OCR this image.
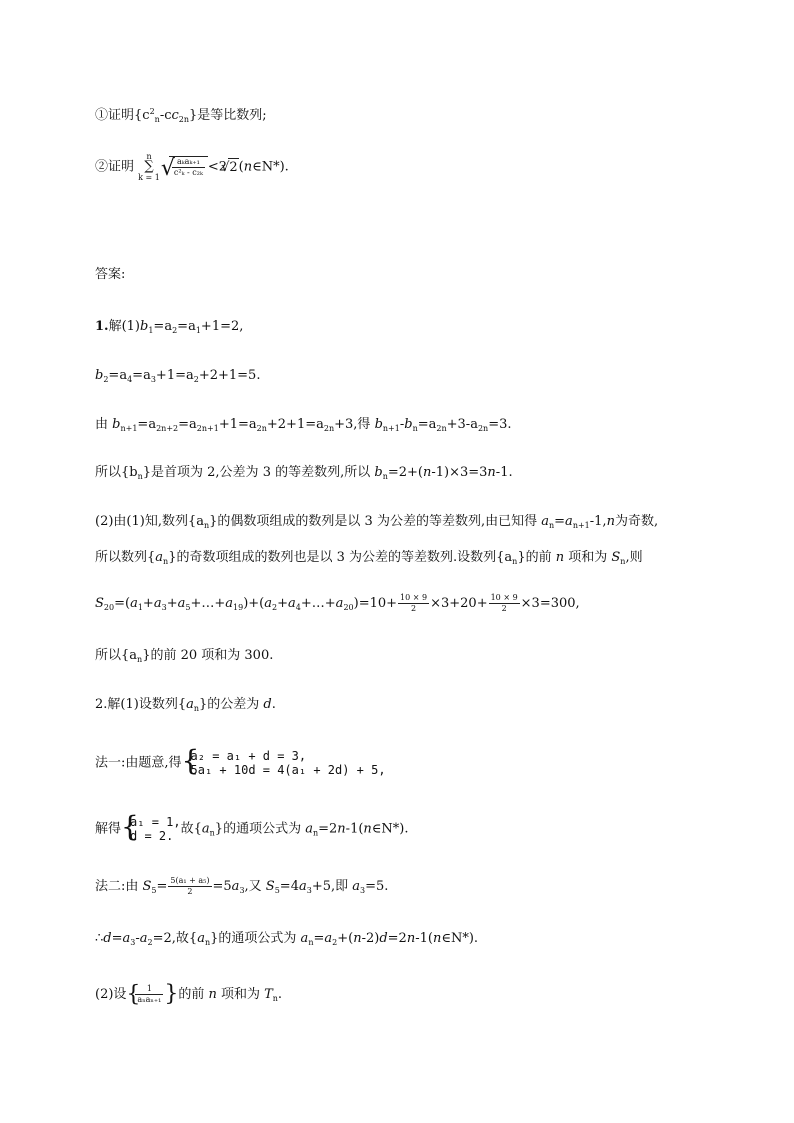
①证明$\{c^2_n-cc_{2n}\}$是等比数列;
②证明 n
∑
k = 1 √
$\frac{\text{aₖaₖ₊₁}}{\text{c²ₖ - c₂ₖ}} <2√$ 2(n∈N*).
答案:
1.解$(1)b_1=a_2=a_1+1=2$,
$b_2=a_4=a_3+1=a_2+2+1=5$.
由 $b_{n+1}=a_{2n+2}=a_{2n+1}+1=a_{2n}+2+1=a_{2n}+3$,得 $b_{n+1}-b_n=a_{2n}+3-a_{2n}=3$.
所以$\{b_n\}$是首项为 2,公差为 3 的等差数列,所以 $b_n=2+(n-1)\times 3=3n-1$.
(2)由(1)知,数列$\{a_n\}$的偶数项组成的数列是以 3 为公差的等差数列,由已知得 $a_n=a_{n+1}-1,n$为奇数,
所以数列$\{a_n\}$的奇数项组成的数列也是以 3 为公差的等差数列.设数列$\{a_n\}$的前 n 项和为 $S_n$,则
$S_{20}=(a_1+a_3+a_5+\dots+a_{19})+(a_2+a_4+\dots+a_{20})=10+ \frac{10 \times 9}{2} \times 3+20+ \frac{10 \times 9}{2} \times 3=300$,
所以$\{a_n\}$的前 20 项和为 300.
2.解(1)设数列$\{a_n\}$的公差为 d.
法一:由题意,得 {
a₂ = a₁ + d = 3,
5a₁ + 10d = 4(a₁ + 2d) + 5,
解得 {
a₁ = 1,
d = 2. 故$\{a_n\}$的通项公式为 $a_n=2n-1(n\in N*)$.
法二:由 $S_5= \frac{\text{5(a₁ + a₅)}}{2} =5a_3$,又 $S_5=4a_3+5$,即 $a_3=5$.
$\therefore d=a_3-a_2=2$,故$\{a_n\}$的通项公式为 $a_n=a_2+(n-2)d=2n-1(n\in N*)$.
(2)设 {
$\frac{1}{\text{aₙaₙ₊₁}}$ }的前 n 项和为 $T_n$.
